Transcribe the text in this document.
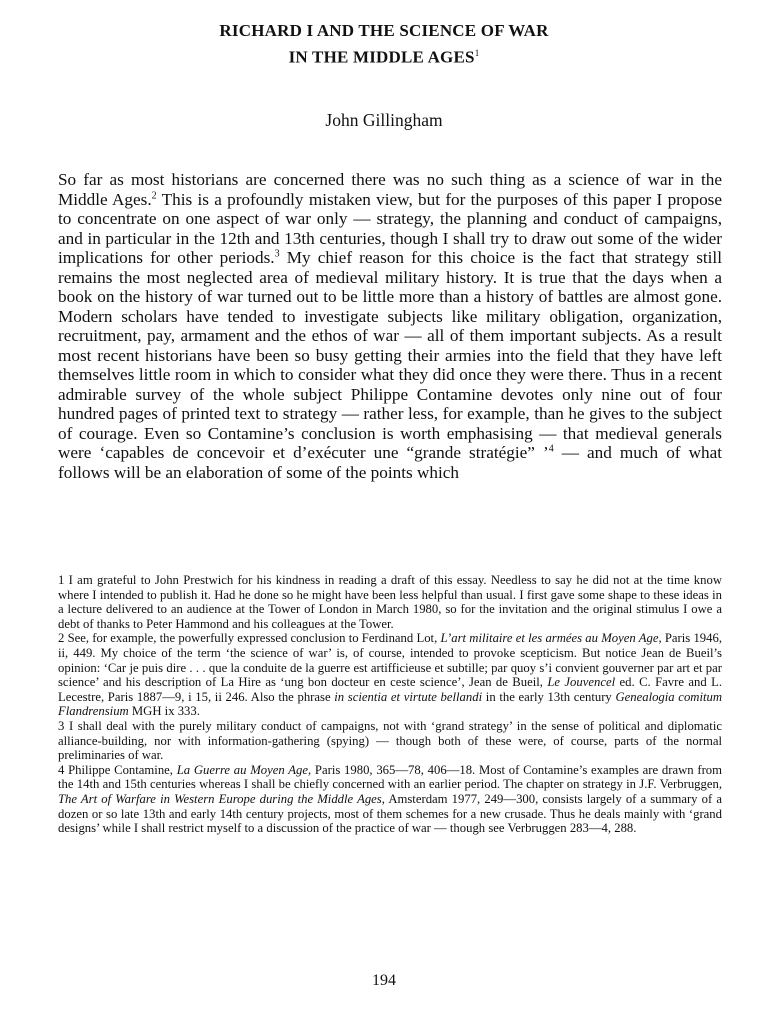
RICHARD I AND THE SCIENCE OF WAR
IN THE MIDDLE AGES$^1$
John Gillingham

So far as most historians are concerned there was no such thing as a science of war in the Middle Ages.$^2$ This is a profoundly mistaken view, but for the purposes of this paper I propose to concentrate on one aspect of war only — strategy, the planning and conduct of campaigns, and in particular in the 12th and 13th centuries, though I shall try to draw out some of the wider implications for other periods.$^3$ My chief reason for this choice is the fact that strategy still remains the most neglected area of medieval military history. It is true that the days when a book on the history of war turned out to be little more than a history of battles are almost gone. Modern scholars have tended to investigate subjects like military obligation, organization, recruitment, pay, armament and the ethos of war — all of them important subjects. As a result most recent historians have been so busy getting their armies into the field that they have left themselves little room in which to consider what they did once they were there. Thus in a recent admirable survey of the whole subject Philippe Contamine devotes only nine out of four hundred pages of printed text to strategy — rather less, for example, than he gives to the subject of courage. Even so Contamine’s conclusion is worth emphasising — that medieval generals were ‘capables de concevoir et d’exécuter une “grande stratégie” ’$^4$ — and much of what follows will be an elaboration of some of the points which

1 I am grateful to John Prestwich for his kindness in reading a draft of this essay. Needless to say he did not at the time know where I intended to publish it. Had he done so he might have been less helpful than usual. I first gave some shape to these ideas in a lecture delivered to an audience at the Tower of London in March 1980, so for the invitation and the original stimulus I owe a debt of thanks to Peter Hammond and his colleagues at the Tower.

2 See, for example, the powerfully expressed conclusion to Ferdinand Lot, L’art militaire et les armées au Moyen Age, Paris 1946, ii, 449. My choice of the term ‘the science of war’ is, of course, intended to provoke scepticism. But notice Jean de Bueil’s opinion: ‘Car je puis dire . . . que la conduite de la guerre est artifficieuse et subtille; par quoy s’i convient gouverner par art et par science’ and his description of La Hire as ‘ung bon docteur en ceste science’, Jean de Bueil, Le Jouvencel ed. C. Favre and L. Lecestre, Paris 1887—9, i 15, ii 246. Also the phrase in scientia et virtute bellandi in the early 13th century Genealogia comitum Flandrensium MGH ix 333.

3 I shall deal with the purely military conduct of campaigns, not with ‘grand strategy’ in the sense of political and diplomatic alliance-building, nor with information-gathering (spying) — though both of these were, of course, parts of the normal preliminaries of war.

4 Philippe Contamine, La Guerre au Moyen Age, Paris 1980, 365—78, 406—18. Most of Contamine’s examples are drawn from the 14th and 15th centuries whereas I shall be chiefly concerned with an earlier period. The chapter on strategy in J.F. Verbruggen, The Art of Warfare in Western Europe during the Middle Ages, Amsterdam 1977, 249—300, consists largely of a summary of a dozen or so late 13th and early 14th century projects, most of them schemes for a new crusade. Thus he deals mainly with ‘grand designs’ while I shall restrict myself to a discussion of the practice of war — though see Verbruggen 283—4, 288.

194
